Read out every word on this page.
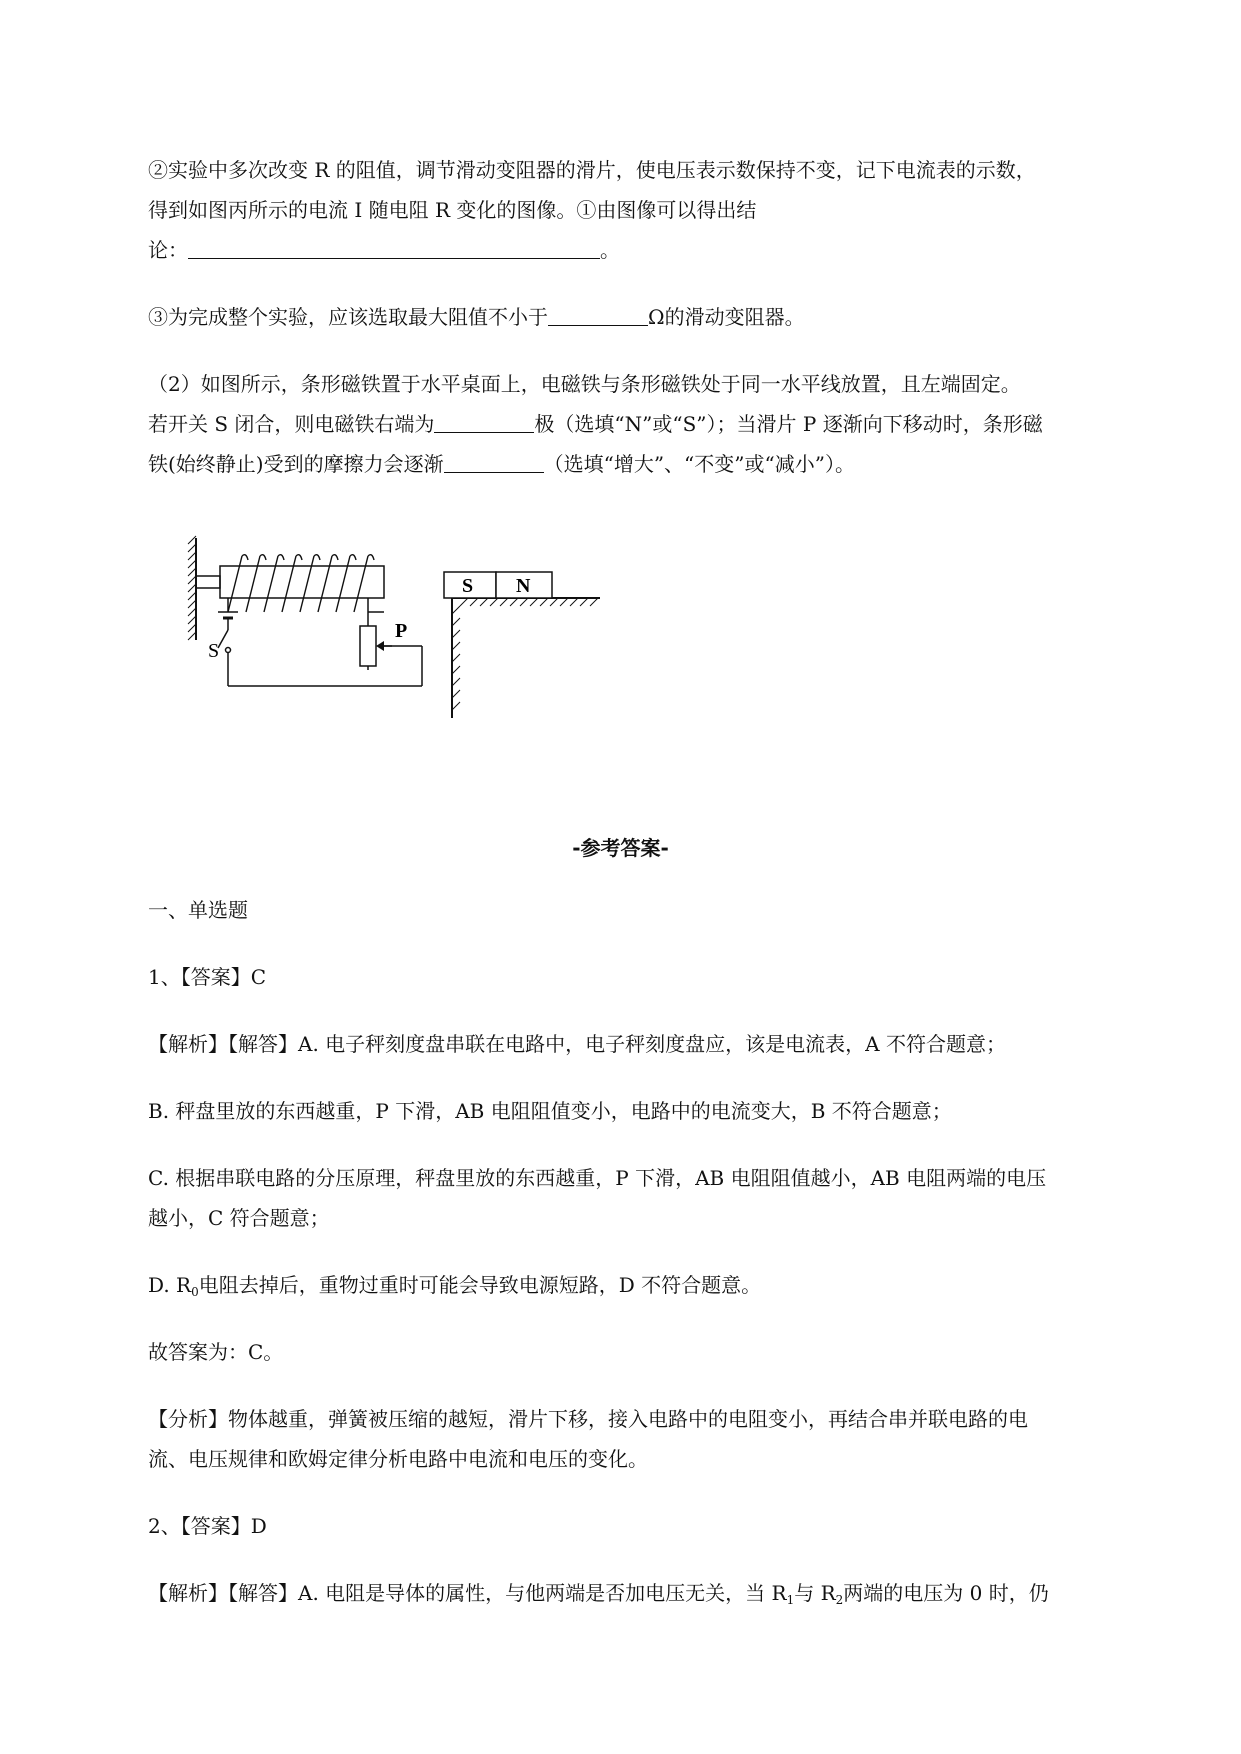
②实验中多次改变 R 的阻值，调节滑动变阻器的滑片，使电压表示数保持不变，记下电流表的示数，
得到如图丙所示的电流 I 随电阻 R 变化的图像。①由图像可以得出结
论：	。
③为完成整个实验，应该选取最大阻值不小于	Ω的滑动变阻器。
（2）如图所示，条形磁铁置于水平桌面上，电磁铁与条形磁铁处于同一水平线放置，且左端固定。
若开关 S 闭合，则电磁铁右端为	极（选填“N”或“S”）；当滑片 P 逐渐向下移动时，条形磁
铁(始终静止)受到的摩擦力会逐渐	（选填“增大”、“不变”或“减小”）。
S
P
S N
-参考答案-
一、单选题
1、【答案】C
【解析】【解答】A. 电子秤刻度盘串联在电路中，电子秤刻度盘应，该是电流表，A 不符合题意；
B. 秤盘里放的东西越重，P 下滑，AB 电阻阻值变小，电路中的电流变大，B 不符合题意；
C. 根据串联电路的分压原理，秤盘里放的东西越重，P 下滑，AB 电阻阻值越小，AB 电阻两端的电压
越小，C 符合题意；
D. $R_0$电阻去掉后，重物过重时可能会导致电源短路，D 不符合题意。
故答案为：C。
【分析】物体越重，弹簧被压缩的越短，滑片下移，接入电路中的电阻变小，再结合串并联电路的电
流、电压规律和欧姆定律分析电路中电流和电压的变化。
2、【答案】D
【解析】【解答】A. 电阻是导体的属性，与他两端是否加电压无关，当 $R_1$与 $R_2$两端的电压为 0 时，仍
